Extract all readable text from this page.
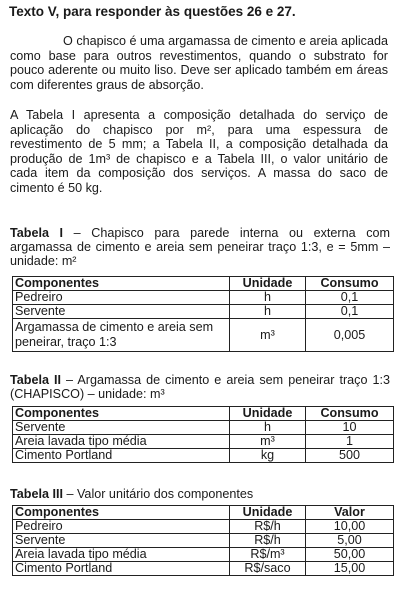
Texto V, para responder às questões 26 e 27.
O chapisco é uma argamassa de cimento e areia aplicada como base para outros revestimentos, quando o substrato for pouco aderente ou muito liso. Deve ser aplicado também em áreas com diferentes graus de absorção.
A Tabela I apresenta a composição detalhada do serviço de aplicação do chapisco por m², para uma espessura de revestimento de 5 mm; a Tabela II, a composição detalhada da produção de 1m³ de chapisco e a Tabela III, o valor unitário de cada item da composição dos serviços. A massa do saco de cimento é 50 kg.
Tabela I – Chapisco para parede interna ou externa com argamassa de cimento e areia sem peneirar traço 1:3, e = 5mm – unidade: m²
Componentes	Unidade	Consumo
Pedreiro	h	0,1
Servente	h	0,1
Argamassa de cimento e areia sem peneirar, traço 1:3	m³	0,005
Tabela II – Argamassa de cimento e areia sem peneirar traço 1:3 (CHAPISCO) – unidade: m³
Componentes	Unidade	Consumo
Servente	h	10
Areia lavada tipo média	m³	1
Cimento Portland	kg	500
Tabela III – Valor unitário dos componentes
Componentes	Unidade	Valor
Pedreiro	R$/h	10,00
Servente	R$/h	5,00
Areia lavada tipo média	R$/m³	50,00
Cimento Portland	R$/saco	15,00
